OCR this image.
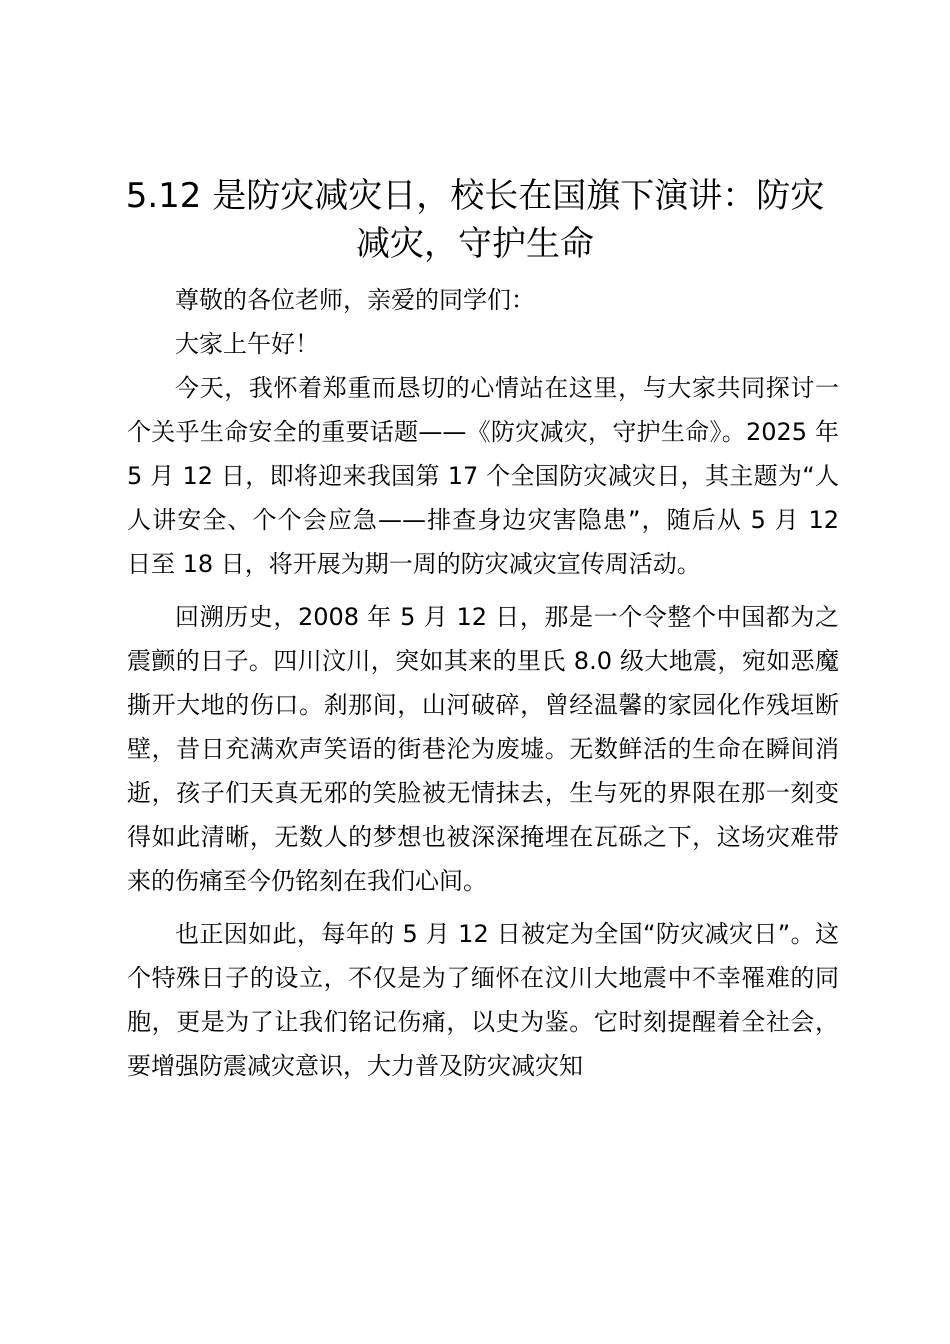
5.12 是防灾减灾日，校长在国旗下演讲：防灾减灾，守护生命

尊敬的各位老师，亲爱的同学们：

大家上午好！

今天，我怀着郑重而恳切的心情站在这里，与大家共同探讨一个关乎生命安全的重要话题——《防灾减灾，守护生命》。2025 年 5 月 12 日，即将迎来我国第 17 个全国防灾减灾日，其主题为“人人讲安全、个个会应急——排查身边灾害隐患”，随后从 5 月 12 日至 18 日，将开展为期一周的防灾减灾宣传周活动。

回溯历史，2008 年 5 月 12 日，那是一个令整个中国都为之震颤的日子。四川汶川，突如其来的里氏 8.0 级大地震，宛如恶魔撕开大地的伤口。刹那间，山河破碎，曾经温馨的家园化作残垣断壁，昔日充满欢声笑语的街巷沦为废墟。无数鲜活的生命在瞬间消逝，孩子们天真无邪的笑脸被无情抹去，生与死的界限在那一刻变得如此清晰，无数人的梦想也被深深掩埋在瓦砾之下，这场灾难带来的伤痛至今仍铭刻在我们心间。

也正因如此，每年的 5 月 12 日被定为全国“防灾减灾日”。这个特殊日子的设立，不仅是为了缅怀在汶川大地震中不幸罹难的同胞，更是为了让我们铭记伤痛，以史为鉴。它时刻提醒着全社会，要增强防震减灾意识，大力普及防灾减灾知
